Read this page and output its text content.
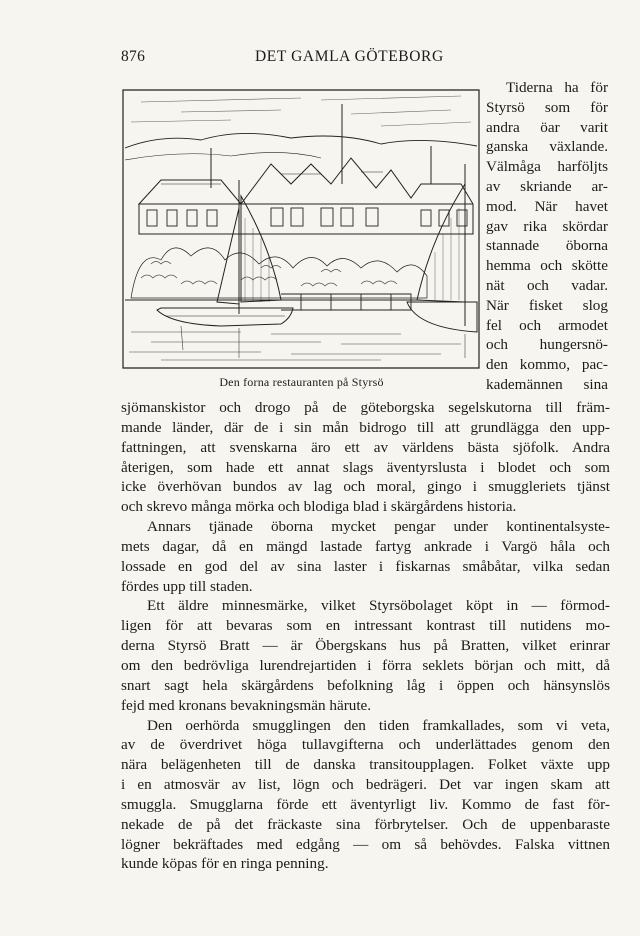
876	DET GAMLA GÖTEBORG
Den forna restauranten på Styrsö
Tiderna ha för
Styrsö som för
andra öar varit
ganska växlande.
Välmåga harföljts
av skriande ar-
mod. När havet
gav rika skördar
stannade öborna
hemma och skötte
nät och vadar.
När fisket slog
fel och armodet
och hungersnö-
den kommo, pac-
kademännen sina
sjömanskistor och drogo på de göteborgska segelskutorna till främ-
mande länder, där de i sin mån bidrogo till att grundlägga den upp-
fattningen, att svenskarna äro ett av världens bästa sjöfolk. Andra
återigen, som hade ett annat slags äventyrslusta i blodet och som
icke överhövan bundos av lag och moral, gingo i smuggleriets tjänst
och skrevo många mörka och blodiga blad i skärgårdens historia.
Annars tjänade öborna mycket pengar under kontinentalsyste-
mets dagar, då en mängd lastade fartyg ankrade i Vargö håla och
lossade en god del av sina laster i fiskarnas småbåtar, vilka sedan
fördes upp till staden.
Ett äldre minnesmärke, vilket Styrsöbolaget köpt in — förmod-
ligen för att bevaras som en intressant kontrast till nutidens mo-
derna Styrsö Bratt — är Öbergskans hus på Bratten, vilket erinrar
om den bedrövliga lurendrejartiden i förra seklets början och mitt, då
snart sagt hela skärgårdens befolkning låg i öppen och hänsynslös
fejd med kronans bevakningsmän härute.
Den oerhörda smugglingen den tiden framkallades, som vi veta,
av de överdrivet höga tullavgifterna och underlättades genom den
nära belägenheten till de danska transitoupplagen. Folket växte upp
i en atmosvär av list, lögn och bedrägeri. Det var ingen skam att
smuggla. Smugglarna förde ett äventyrligt liv. Kommo de fast för-
nekade de på det fräckaste sina förbrytelser. Och de uppenbaraste
lögner bekräftades med edgång — om så behövdes. Falska vittnen
kunde köpas för en ringa penning.
